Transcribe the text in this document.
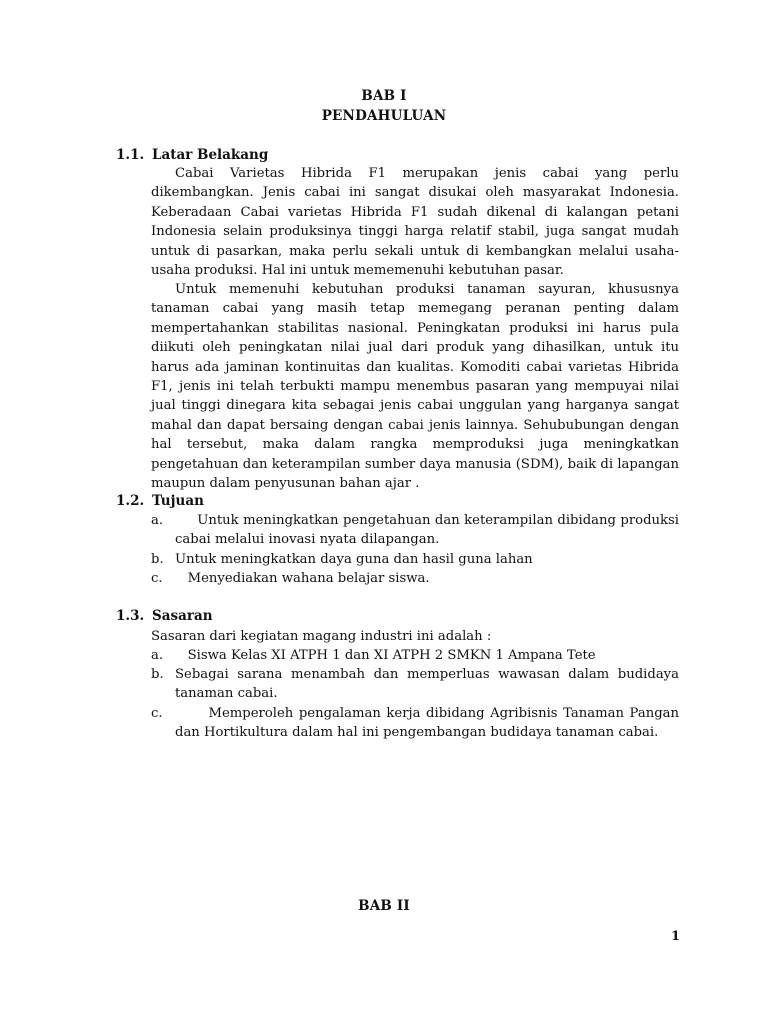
BAB I
PENDAHULUAN
1.1. Latar Belakang
Cabai Varietas Hibrida F1 merupakan jenis cabai yang perlu dikembangkan. Jenis cabai ini sangat disukai oleh masyarakat Indonesia. Keberadaan Cabai varietas Hibrida F1 sudah dikenal di kalangan petani Indonesia selain produksinya tinggi harga relatif stabil, juga sangat mudah untuk di pasarkan, maka perlu sekali untuk di kembangkan melalui usaha-usaha produksi. Hal ini untuk mememenuhi kebutuhan pasar.
Untuk memenuhi kebutuhan produksi tanaman sayuran, khususnya tanaman cabai yang masih tetap memegang peranan penting dalam mempertahankan stabilitas nasional. Peningkatan produksi ini harus pula diikuti oleh peningkatan nilai jual dari produk yang dihasilkan, untuk itu harus ada jaminan kontinuitas dan kualitas. Komoditi cabai varietas Hibrida F1, jenis ini telah terbukti mampu menembus pasaran yang mempuyai nilai jual tinggi dinegara kita sebagai jenis cabai unggulan yang harganya sangat mahal dan dapat bersaing dengan cabai jenis lainnya. Sehububungan dengan hal tersebut, maka dalam rangka memproduksi juga meningkatkan pengetahuan dan keterampilan sumber daya manusia (SDM), baik di lapangan maupun dalam penyusunan bahan ajar .
1.2. Tujuan
a. Untuk meningkatkan pengetahuan dan keterampilan dibidang produksi cabai melalui inovasi nyata dilapangan.
b. Untuk meningkatkan daya guna dan hasil guna lahan
c. Menyediakan wahana belajar siswa.
1.3. Sasaran
Sasaran dari kegiatan magang industri ini adalah :
a. Siswa Kelas XI ATPH 1 dan XI ATPH 2 SMKN 1 Ampana Tete
b. Sebagai sarana menambah dan memperluas wawasan dalam budidaya tanaman cabai.
c. Memperoleh pengalaman kerja dibidang Agribisnis Tanaman Pangan dan Hortikultura dalam hal ini pengembangan budidaya tanaman cabai.
BAB II
1
